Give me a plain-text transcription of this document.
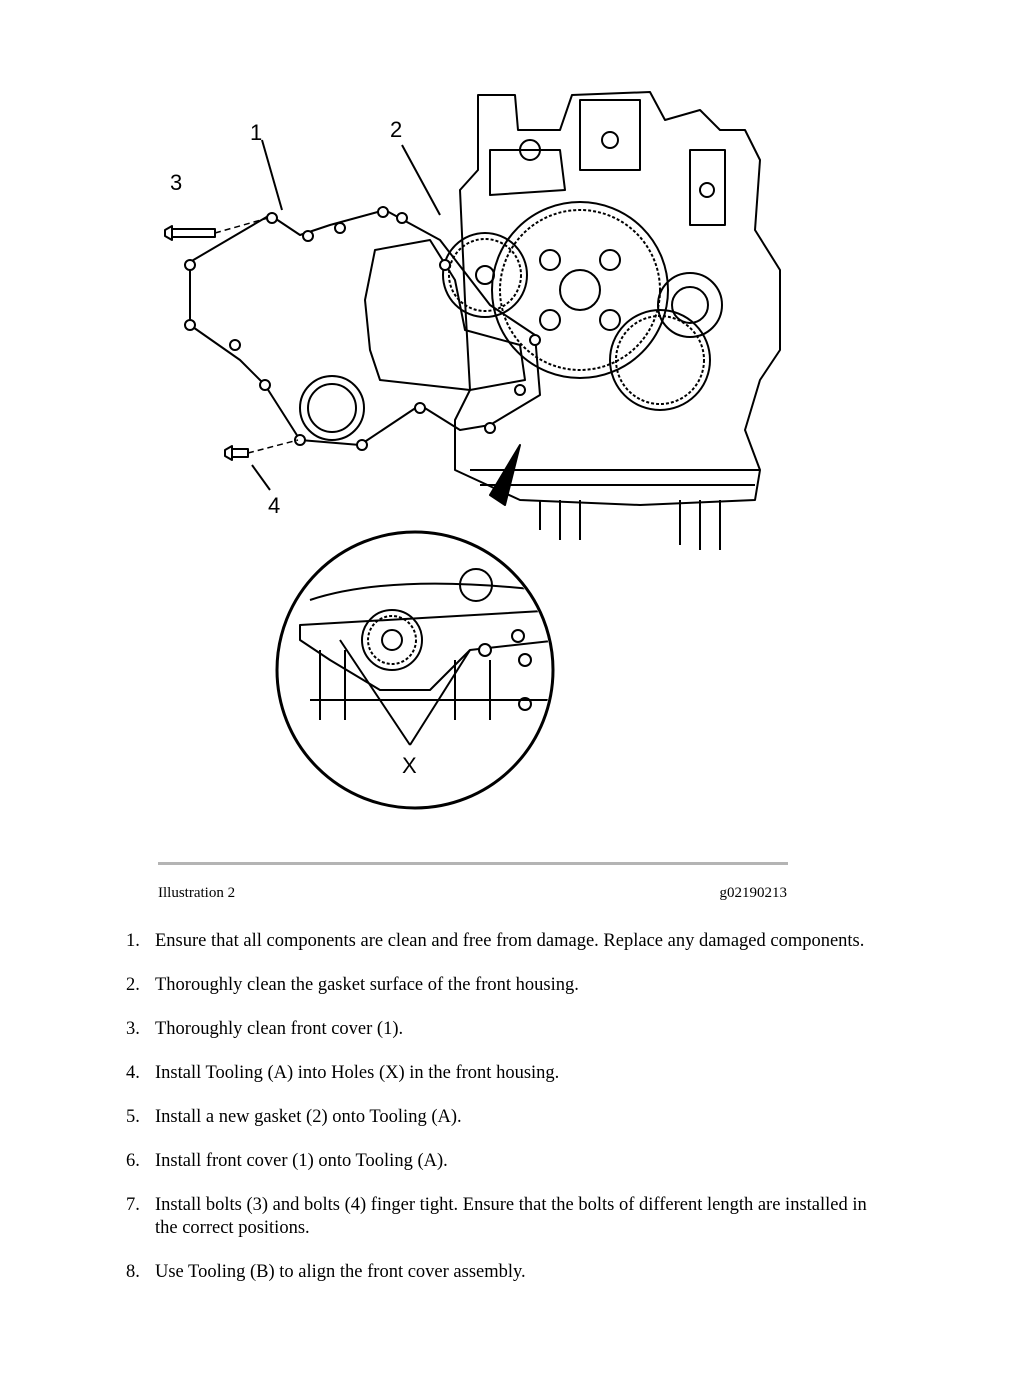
1	2
3
4
X
Illustration 2	g02190213
1. Ensure that all components are clean and free from damage. Replace any damaged components.
2. Thoroughly clean the gasket surface of the front housing.
3. Thoroughly clean front cover (1).
4. Install Tooling (A) into Holes (X) in the front housing.
5. Install a new gasket (2) onto Tooling (A).
6. Install front cover (1) onto Tooling (A).
7. Install bolts (3) and bolts (4) finger tight. Ensure that the bolts of different length are installed in the correct positions.
8. Use Tooling (B) to align the front cover assembly.
